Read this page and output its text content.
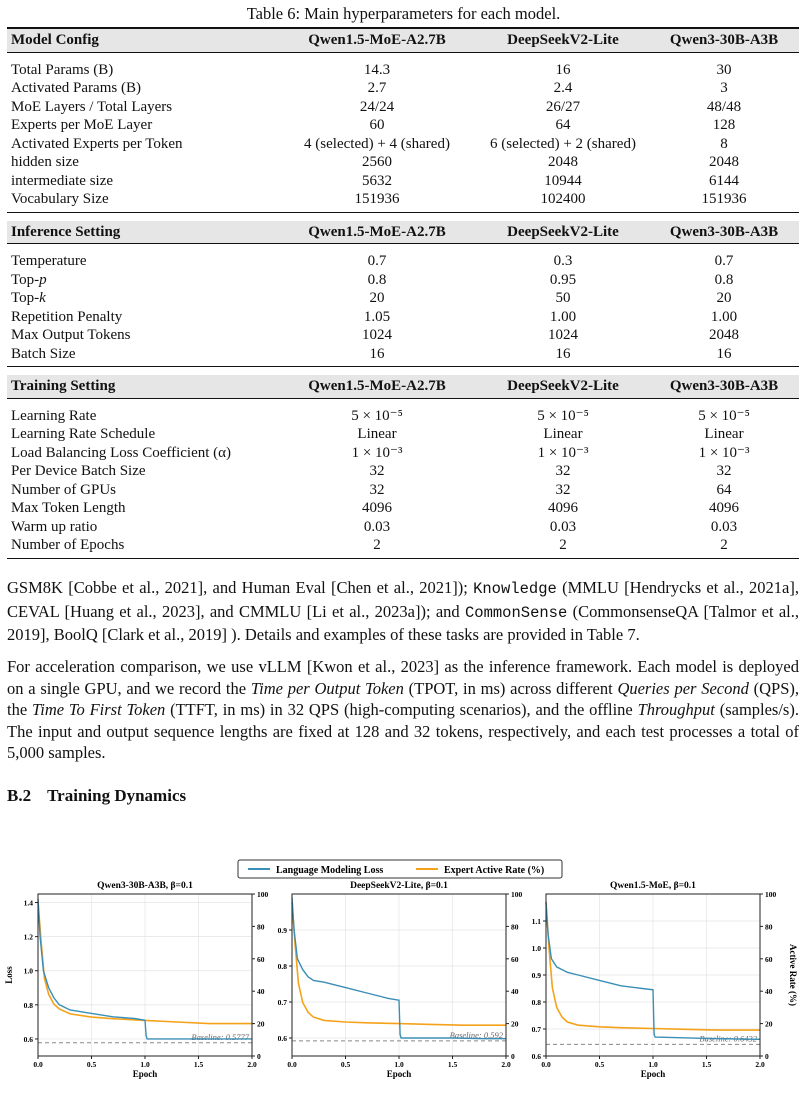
Table 6: Main hyperparameters for each model.
Model Config	Qwen1.5-MoE-A2.7B	DeepSeekV2-Lite	Qwen3-30B-A3B

Total Params (B)	14.3	16	30
Activated Params (B)	2.7	2.4	3
MoE Layers / Total Layers	24/24	26/27	48/48
Experts per MoE Layer	60	64	128
Activated Experts per Token	4 (selected) + 4 (shared)	6 (selected) + 2 (shared)	8
hidden size	2560	2048	2048
intermediate size	5632	10944	6144
Vocabulary Size	151936	102400	151936

Inference Setting	Qwen1.5-MoE-A2.7B	DeepSeekV2-Lite	Qwen3-30B-A3B

Temperature	0.7	0.3	0.7
Top-p	0.8	0.95	0.8
Top-k	20	50	20
Repetition Penalty	1.05	1.00	1.00
Max Output Tokens	1024	1024	2048
Batch Size	16	16	16

Training Setting	Qwen1.5-MoE-A2.7B	DeepSeekV2-Lite	Qwen3-30B-A3B

Learning Rate	5 × 10⁻⁵	5 × 10⁻⁵	5 × 10⁻⁵
Learning Rate Schedule	Linear	Linear	Linear
Load Balancing Loss Coefficient (α)	1 × 10⁻³	1 × 10⁻³	1 × 10⁻³
Per Device Batch Size	32	32	32
Number of GPUs	32	32	64
Max Token Length	4096	4096	4096
Warm up ratio	0.03	0.03	0.03
Number of Epochs	2	2	2

GSM8K [Cobbe et al., 2021], and Human Eval [Chen et al., 2021]); Knowledge (MMLU [Hendrycks et al., 2021a], CEVAL [Huang et al., 2023], and CMMLU [Li et al., 2023a]); and CommonSense (CommonsenseQA [Talmor et al., 2019], BoolQ [Clark et al., 2019] ). Details and examples of these tasks are provided in Table 7.
For acceleration comparison, we use vLLM [Kwon et al., 2023] as the inference framework. Each model is deployed on a single GPU, and we record the Time per Output Token (TPOT, in ms) across different Queries per Second (QPS), the Time To First Token (TTFT, in ms) in 32 QPS (high-computing scenarios), and the offline Throughput (samples/s). The input and output sequence lengths are fixed at 128 and 32 tokens, respectively, and each test processes a total of 5,000 samples.
B.2 Training Dynamics
Language Modeling Loss	Expert Active Rate (%)
Qwen3-30B-A3B, β=0.1
Baseline: 0.5777
0.0	0.5	1.0	1.5	2.0
Epoch
0.6
0.8
1.0
1.2
1.4
0
20
40
60
80
100
Loss
DeepSeekV2-Lite, β=0.1
Baseline: 0.592
0.0	0.5	1.0	1.5	2.0
Epoch
0.6
0.7
0.8
0.9
0
20
40
60
80
100
Qwen1.5-MoE, β=0.1
Baseline: 0.6432
0.0	0.5	1.0	1.5	2.0
Epoch
0.6
0.7
0.8
0.9
1.0
1.1
0
20
40
60
80
100
Active Rate (%)
